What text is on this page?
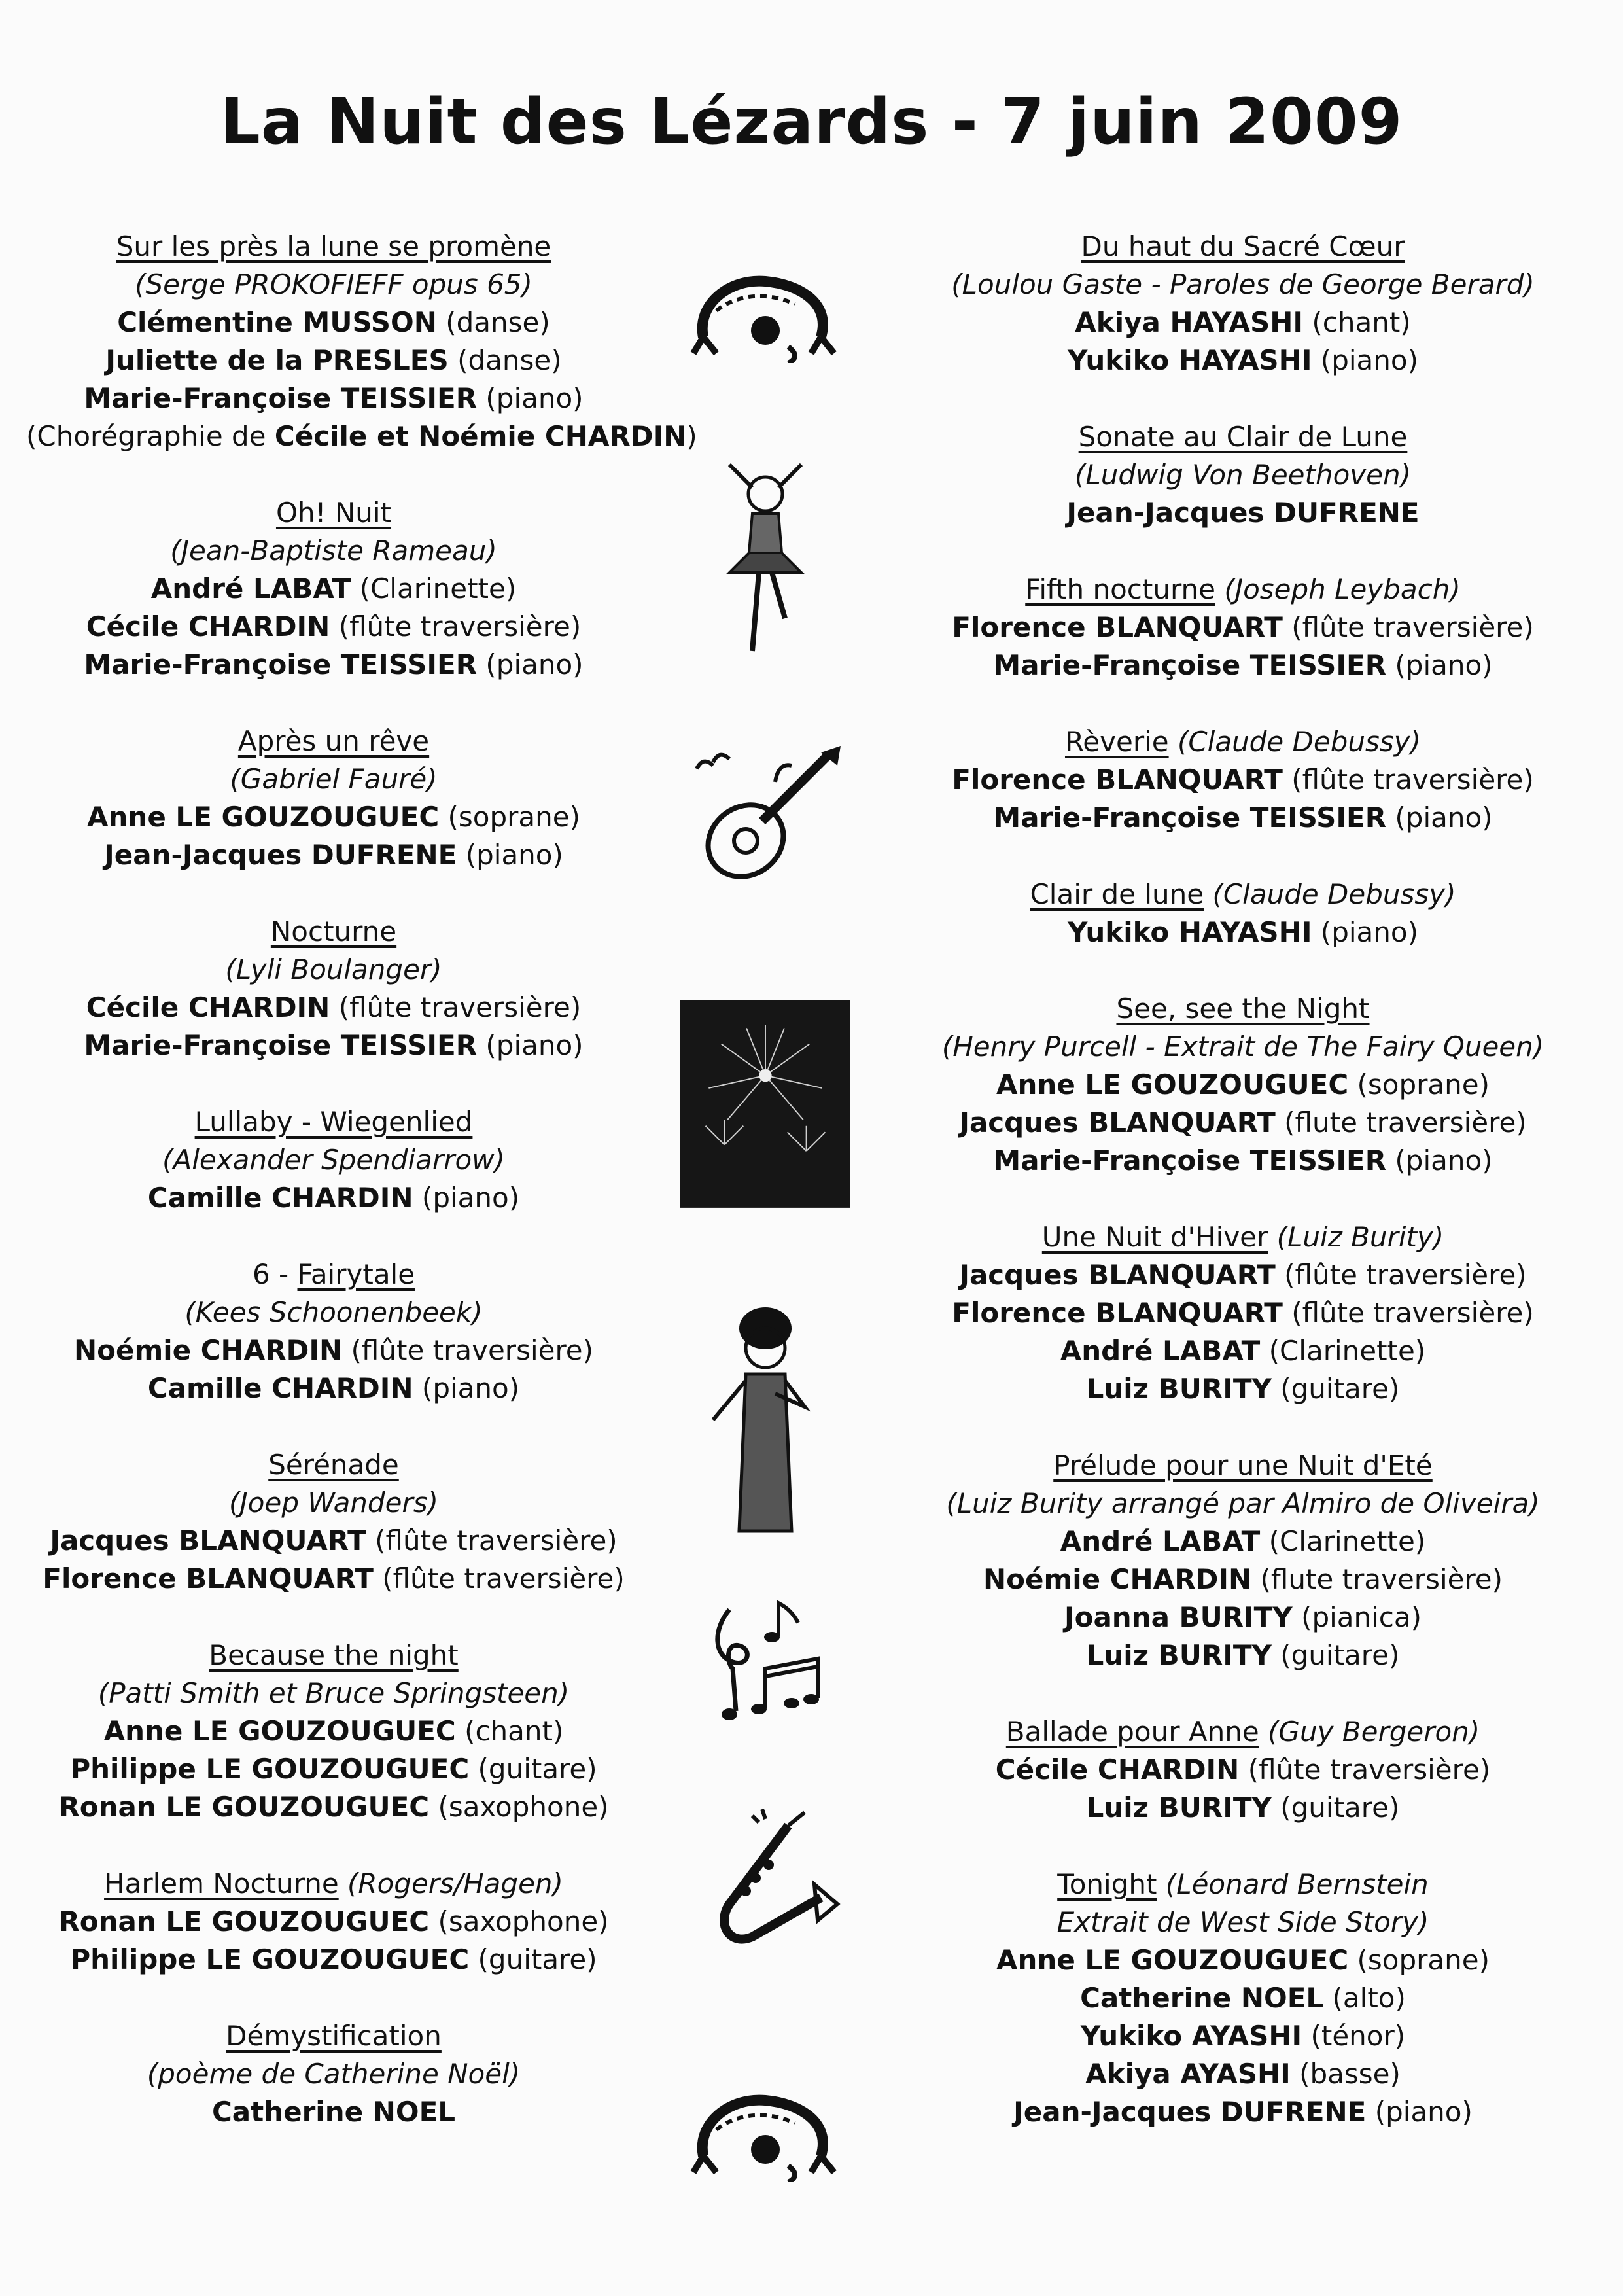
La Nuit des Lézards - 7 juin 2009
Sur les près la lune se promène
(Serge PROKOFIEFF opus 65)
Clémentine MUSSON (danse)
Juliette de la PRESLES (danse)
Marie-Françoise TEISSIER (piano)
(Chorégraphie de Cécile et Noémie CHARDIN)
Oh! Nuit
(Jean-Baptiste Rameau)
André LABAT (Clarinette)
Cécile CHARDIN (flûte traversière)
Marie-Françoise TEISSIER (piano)
Après un rêve
(Gabriel Fauré)
Anne LE GOUZOUGUEC (soprane)
Jean-Jacques DUFRENE (piano)
Nocturne
(Lyli Boulanger)
Cécile CHARDIN (flûte traversière)
Marie-Françoise TEISSIER (piano)
Lullaby - Wiegenlied
(Alexander Spendiarrow)
Camille CHARDIN (piano)
6 - Fairytale
(Kees Schoonenbeek)
Noémie CHARDIN (flûte traversière)
Camille CHARDIN (piano)
Sérénade
(Joep Wanders)
Jacques BLANQUART (flûte traversière)
Florence BLANQUART (flûte traversière)
Because the night
(Patti Smith et Bruce Springsteen)
Anne LE GOUZOUGUEC (chant)
Philippe LE GOUZOUGUEC (guitare)
Ronan LE GOUZOUGUEC (saxophone)
Harlem Nocturne (Rogers/Hagen)
Ronan LE GOUZOUGUEC (saxophone)
Philippe LE GOUZOUGUEC (guitare)
Démystification
(poème de Catherine Noël)
Catherine NOEL
Du haut du Sacré Cœur
(Loulou Gaste - Paroles de George Berard)
Akiya HAYASHI (chant)
Yukiko HAYASHI (piano)
Sonate au Clair de Lune
(Ludwig Von Beethoven)
Jean-Jacques DUFRENE
Fifth nocturne (Joseph Leybach)
Florence BLANQUART (flûte traversière)
Marie-Françoise TEISSIER (piano)
Rèverie (Claude Debussy)
Florence BLANQUART (flûte traversière)
Marie-Françoise TEISSIER (piano)
Clair de lune (Claude Debussy)
Yukiko HAYASHI (piano)
See, see the Night
(Henry Purcell - Extrait de The Fairy Queen)
Anne LE GOUZOUGUEC (soprane)
Jacques BLANQUART (flute traversière)
Marie-Françoise TEISSIER (piano)
Une Nuit d'Hiver (Luiz Burity)
Jacques BLANQUART (flûte traversière)
Florence BLANQUART (flûte traversière)
André LABAT (Clarinette)
Luiz BURITY (guitare)
Prélude pour une Nuit d'Eté
(Luiz Burity arrangé par Almiro de Oliveira)
André LABAT (Clarinette)
Noémie CHARDIN (flute traversière)
Joanna BURITY (pianica)
Luiz BURITY (guitare)
Ballade pour Anne (Guy Bergeron)
Cécile CHARDIN (flûte traversière)
Luiz BURITY (guitare)
Tonight (Léonard Bernstein
Extrait de West Side Story)
Anne LE GOUZOUGUEC (soprane)
Catherine NOEL (alto)
Yukiko AYASHI (ténor)
Akiya AYASHI (basse)
Jean-Jacques DUFRENE (piano)
